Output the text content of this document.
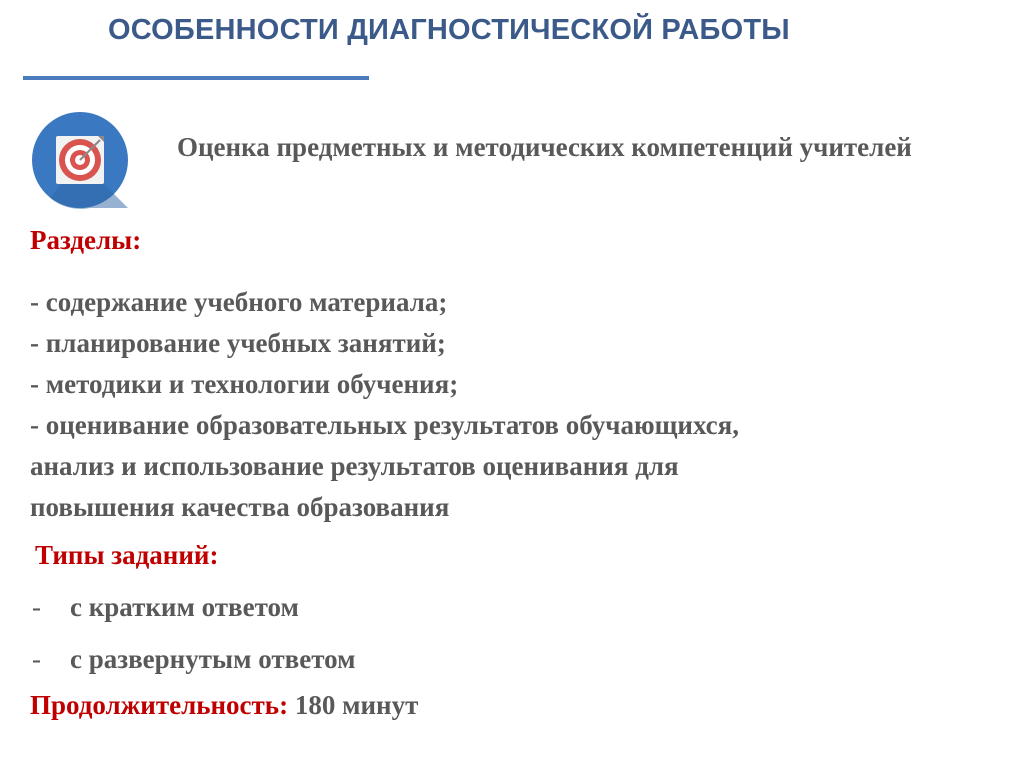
ОСОБЕННОСТИ ДИАГНОСТИЧЕСКОЙ РАБОТЫ
Оценка предметных и методических компетенций учителей
Разделы:
- содержание учебного материала;
- планирование учебных занятий;
- методики и технологии обучения;
- оценивание образовательных результатов обучающихся,
анализ и использование результатов оценивания для
повышения качества образования
Типы заданий:
- с кратким ответом
- с развернутым ответом
Продолжительность: 180 минут
